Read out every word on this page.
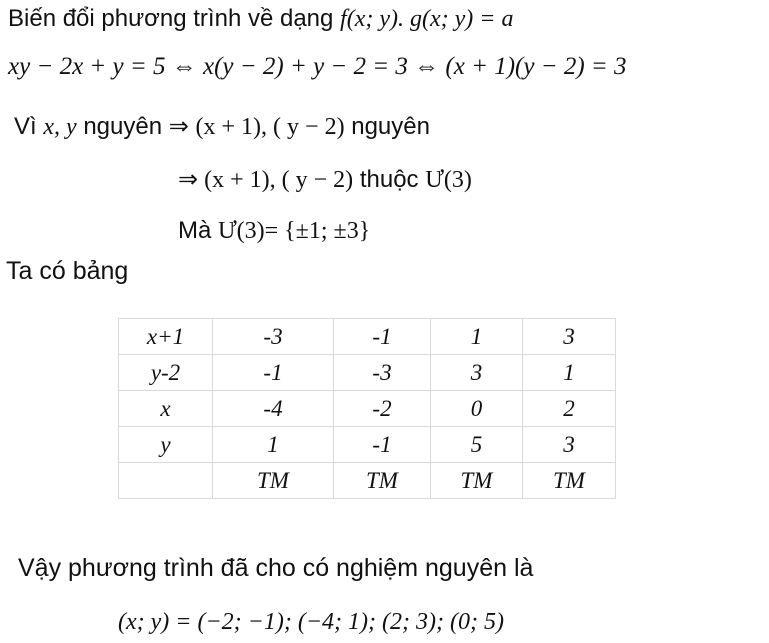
Biến đổi phương trình về dạng f(x; y). g(x; y) = a
xy − 2x + y = 5 ⇔ x(y − 2) + y − 2 = 3 ⇔ (x + 1)(y − 2) = 3
Vì x, y nguyên ⇒ (x + 1), ( y − 2) nguyên
⇒ (x + 1), ( y − 2) thuộc Ư(3)
Mà Ư(3)= {±1; ±3}
Ta có bảng
x+1	-3	-1	1	3
y-2	-1	-3	3	1
x	-4	-2	0	2
y	1	-1	5	3
	TM	TM	TM	TM
Vậy phương trình đã cho có nghiệm nguyên là
(x; y) = (−2; −1); (−4; 1); (2; 3); (0; 5)
